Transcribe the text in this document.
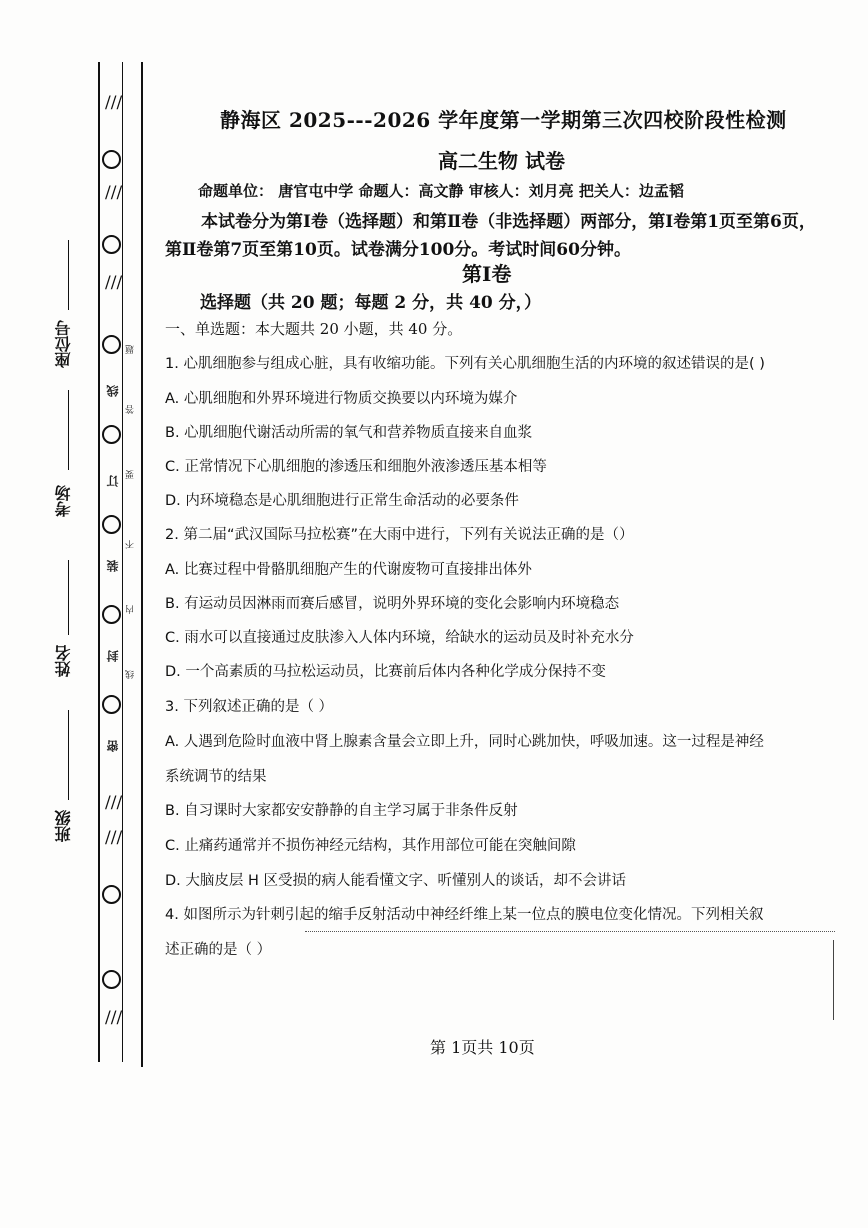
///
///
///
///
///
///
题
答
要
不
内
线
线
订
装
封
密
座位号
考场
姓名
班级
静海区 2025---2026 学年度第一学期第三次四校阶段性检测
高二生物 试卷
命题单位： 唐官屯中学 命题人：高文静 审核人：刘月亮 把关人：边孟韬
本试卷分为第Ⅰ卷（选择题）和第Ⅱ卷（非选择题）两部分，第Ⅰ卷第1页至第6页，第Ⅱ卷第7页至第10页。试卷满分100分。考试时间60分钟。
第Ⅰ卷
选择题（共 20 题；每题 2 分，共 40 分，）
一、单选题：本大题共 20 小题，共 40 分。
1. 心肌细胞参与组成心脏，具有收缩功能。下列有关心肌细胞生活的内环境的叙述错误的是( )
A. 心肌细胞和外界环境进行物质交换要以内环境为媒介
B. 心肌细胞代谢活动所需的氧气和营养物质直接来自血浆
C. 正常情况下心肌细胞的渗透压和细胞外液渗透压基本相等
D. 内环境稳态是心肌细胞进行正常生命活动的必要条件
2. 第二届“武汉国际马拉松赛”在大雨中进行，下列有关说法正确的是（）
A. 比赛过程中骨骼肌细胞产生的代谢废物可直接排出体外
B. 有运动员因淋雨而赛后感冒，说明外界环境的变化会影响内环境稳态
C. 雨水可以直接通过皮肤渗入人体内环境，给缺水的运动员及时补充水分
D. 一个高素质的马拉松运动员，比赛前后体内各种化学成分保持不变
3. 下列叙述正确的是（ ）
A. 人遇到危险时血液中肾上腺素含量会立即上升，同时心跳加快，呼吸加速。这一过程是神经
系统调节的结果
B. 自习课时大家都安安静静的自主学习属于非条件反射
C. 止痛药通常并不损伤神经元结构，其作用部位可能在突触间隙
D. 大脑皮层 H 区受损的病人能看懂文字、听懂别人的谈话，却不会讲话
4. 如图所示为针刺引起的缩手反射活动中神经纤维上某一位点的膜电位变化情况。下列相关叙
述正确的是（ ）
第 1页共 10页
